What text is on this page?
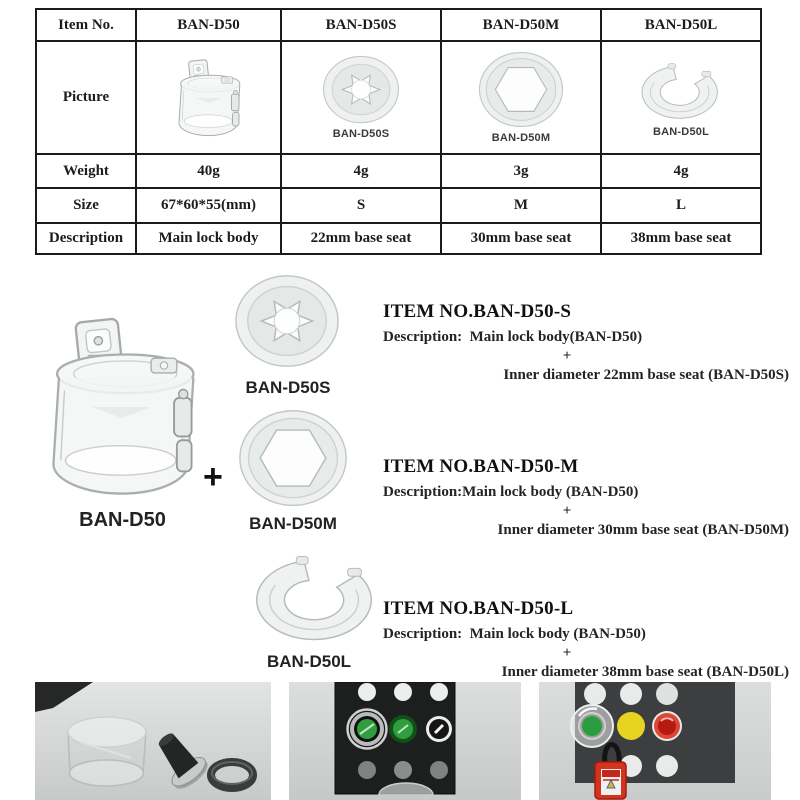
Item No.	BAN-D50	BAN-D50S	BAN-D50M	BAN-D50L
Picture		BAN-D50S	BAN-D50M	BAN-D50L

Weight	40g	4g	3g	4g
Size	67*60*55(mm)	S	M	L
Description	Main lock body	22mm base seat	30mm base seat	38mm base seat
BAN-D50
+
BAN-D50S
BAN-D50M
BAN-D50L
ITEM NO.BAN-D50-S
Description:  Main lock body(BAN-D50)
+
Inner diameter 22mm base seat (BAN-D50S)
ITEM NO.BAN-D50-M
Description:Main lock body (BAN-D50)
+
Inner diameter 30mm base seat (BAN-D50M)
ITEM NO.BAN-D50-L
Description:  Main lock body (BAN-D50)
+
Inner diameter 38mm base seat (BAN-D50L)
